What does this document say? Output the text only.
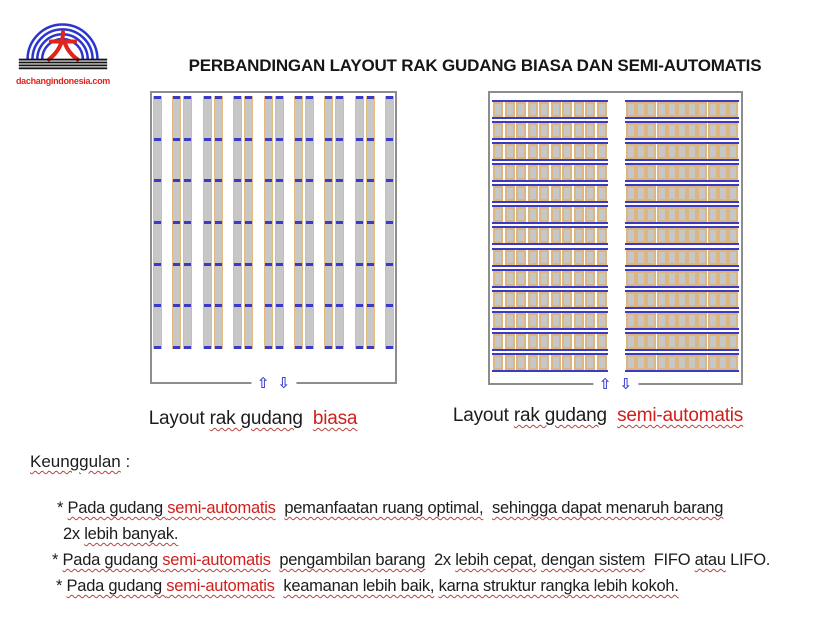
dachangindonesia.com
PERBANDINGAN LAYOUT RAK GUDANG BIASA DAN SEMI-AUTOMATIS
⇧ ⇩	⇧ ⇩
Layout rak gudang biasa	Layout rak gudang semi-automatis
Keunggulan :
* Pada gudang semi-automatis pemanfaatan ruang optimal, sehingga dapat menaruh barang
2x lebih banyak.
* Pada gudang semi-automatis pengambilan barang  2x lebih cepat, dengan sistem  FIFO atau LIFO.
* Pada gudang semi-automatis keamanan lebih baik, karna struktur rangka lebih kokoh.
